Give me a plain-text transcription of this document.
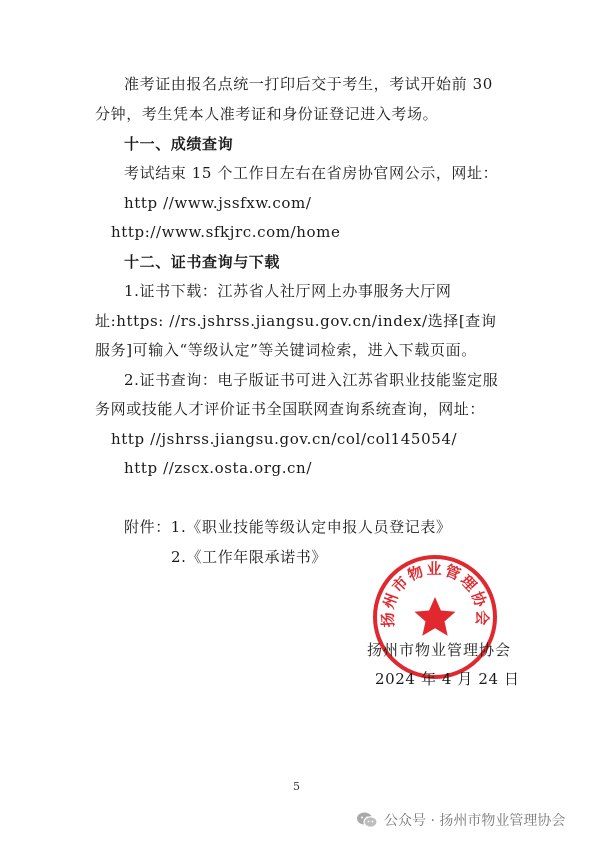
准考证由报名点统一打印后交于考生，考试开始前 30
分钟，考生凭本人准考证和身份证登记进入考场。
十一、成绩查询
考试结束 15 个工作日左右在省房协官网公示，网址：
http //www.jssfxw.com/
http://www.sfkjrc.com/home
十二、证书查询与下载
1.证书下载：江苏省人社厅网上办事服务大厅网
址:https: //rs.jshrss.jiangsu.gov.cn/index/选择[查询
服务]可输入“等级认定”等关键词检索，进入下载页面。
2.证书查询：电子版证书可进入江苏省职业技能鉴定服
务网或技能人才评价证书全国联网查询系统查询，网址：
http //jshrss.jiangsu.gov.cn/col/col145054/
http //zscx.osta.org.cn/
附件：1.《职业技能等级认定申报人员登记表》
2.《工作年限承诺书》
扬州市物业管理协会
扬州市物业管理协会
2024 年 4 月 24 日
5
公众号 · 扬州市物业管理协会
